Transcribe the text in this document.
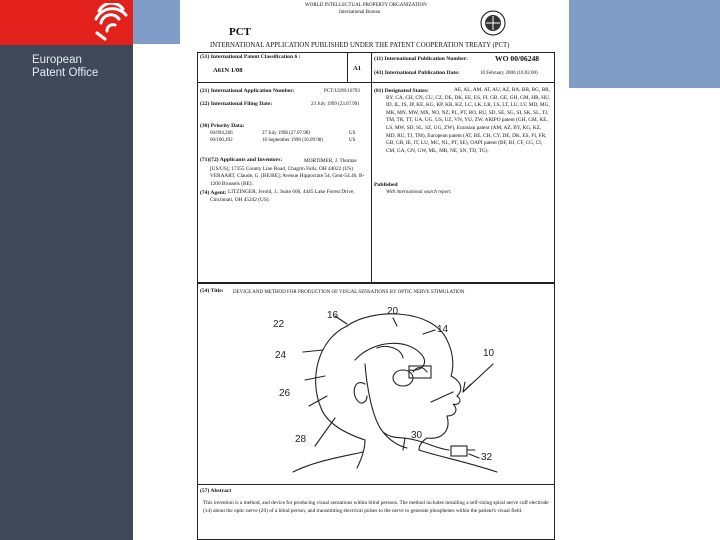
European
Patent Office
PCT
WORLD INTELLECTUAL PROPERTY ORGANIZATION
International Bureau
INTERNATIONAL APPLICATION PUBLISHED UNDER THE PATENT COOPERATION TREATY (PCT)
(51) International Patent Classification 6 :
A61N 1/08	A1
(11) International Publication Number:	WO 00/06248
(43) International Publication Date:	10 February 2000 (10.02.00)
(21) International Application Number:	PCT/US99/16793
(22) International Filing Date:	23 July 1999 (23.07.99)
(30) Priority Data:
60/094,266	27 July 1998 (27.07.98)	US
60/100,492	16 September 1998 (16.09.98)	US
(71)(72) Applicants and Inventors:	MORTIMER, J. Thomas [US/US]; 17355 County Line Road, Chagrin Falls, OH 44022 (US) VERAART, Claude, G. [BE/BE]; Avenue Hippocrate 54, Gent-54.46, B-1200 Brussels (BE).
(74) Agent: LITZINGER, Jerold, J.; Suite 600, 4445 Lake Forest Drive, Cincinnati, OH 45242 (US).
(81) Designated States:	AE, AL, AM, AT, AU, AZ, BA, BB, BG, BR, BY, CA, CH, CN, CU, CZ, DE, DK, EE, ES, FI, GB, GE, GH, GM, HR, HU, ID, IL, IS, JP, KE, KG, KP, KR, KZ, LC, LK, LR, LS, LT, LU, LV, MD, MG, MK, MN, MW, MX, NO, NZ, PL, PT, RO, RU, SD, SE, SG, SI, SK, SL, TJ, TM, TR, TT, UA, UG, US, UZ, VN, YU, ZW, ARIPO patent (GH, GM, KE, LS, MW, SD, SL, SZ, UG, ZW), Eurasian patent (AM, AZ, BY, KG, KZ, MD, RU, TJ, TM), European patent (AT, BE, CH, CY, DE, DK, ES, FI, FR, GB, GR, IE, IT, LU, MC, NL, PT, SE), OAPI patent (BF, BJ, CF, CG, CI, CM, GA, GN, GW, ML, MR, NE, SN, TD, TG).
Published
With international search report.
(54) Title: DEVICE AND METHOD FOR PRODUCTION OF VISUAL SENSATIONS BY OPTIC NERVE STIMULATION
16	20
14
22
10
24
26
28	30
32
(57) Abstract
This invention is a method, and device for producing visual sensations within blind persons. The method includes installing a self-sizing spiral nerve cuff electrode (14) about the optic nerve (20) of a blind person, and transmitting electrical pulses to the nerve to generate phosphenes within the patient's visual field.
